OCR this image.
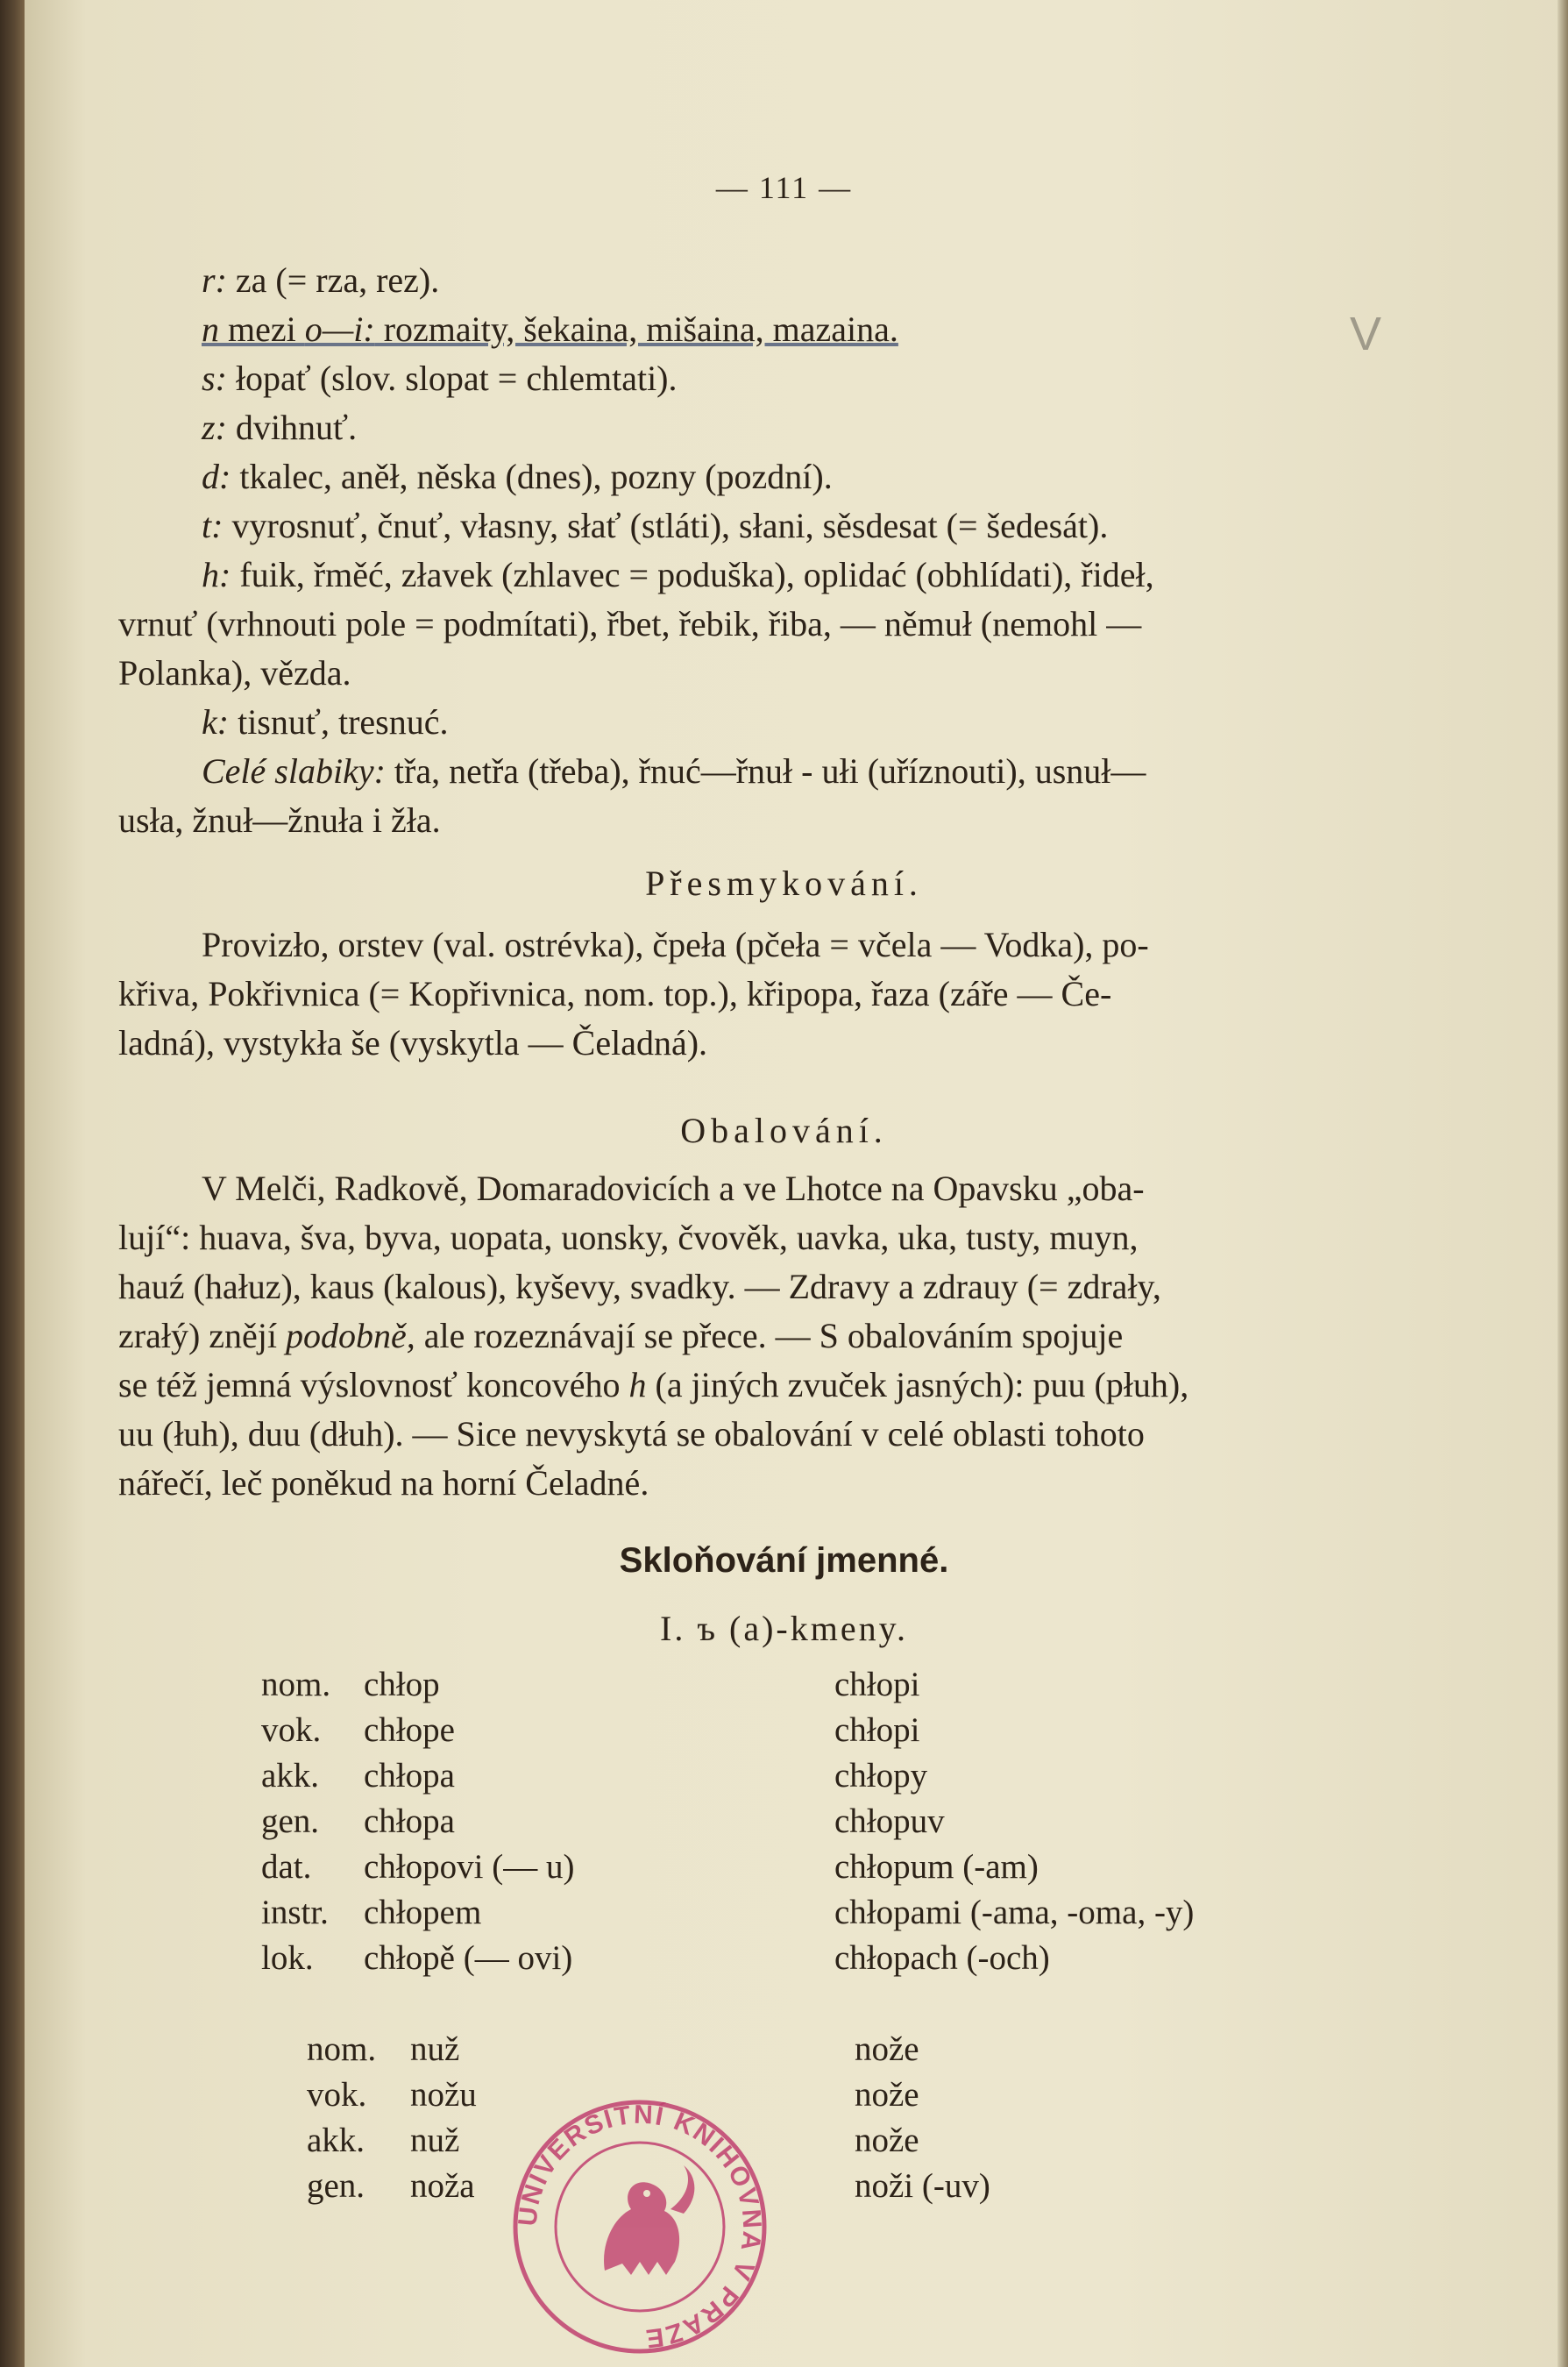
— 111 —
V
r: za (= rza, rez).
n mezi o—i: rozmaity, šekaina, mišaina, mazaina.
s: łopať (slov. slopat = chlemtati).
z: dvihnuť.
d: tkalec, aněł, něska (dnes), pozny (pozdní).
t: vyrosnuť, čnuť, vłasny, słať (stláti), słani, sěsdesat (= šedesát).
h: fuik, řměć, złavek (zhlavec = poduška), oplidać (obhlídati), řideł,
vrnuť (vrhnouti pole = podmítati), řbet, řebik, řiba, — němuł (nemohl —
Polanka), vězda.
k: tisnuť, tresnuć.
Celé slabiky: třa, netřa (třeba), řnuć—řnuł - ułi (uříznouti), usnuł—
usła, žnuł—žnuła i žła.
Přesmykování.
Provizło, orstev (val. ostrévka), čpeła (pčeła = včela — Vodka), po-
křiva, Pokřivnica (= Kopřivnica, nom. top.), křipopa, řaza (záře — Če-
ladná), vystykła še (vyskytla — Čeladná).
Obalování.
V Melči, Radkově, Domaradovicích a ve Lhotce na Opavsku „oba-
lují“: huava, šva, byva, uopata, uonsky, čvověk, uavka, uka, tusty, muyn,
hauź (hałuz), kaus (kalous), kyševy, svadky. — Zdravy a zdrauy (= zdrały,
zrałý) znějí podobně, ale rozeznávají se přece. — S obalováním spojuje
se též jemná výslovnosť koncového h (a jiných zvuček jasných): puu (płuh),
uu (łuh), duu (dłuh). — Sice nevyskytá se obalování v celé oblasti tohoto
nářečí, leč poněkud na horní Čeladné.
Skloňování jmenné.
I. ъ (a)-kmeny.
nom. chłop	chłopi
vok. chłope	chłopi
akk. chłopa	chłopy
gen. chłopa	chłopuv
dat. chłopovi (— u)	chłopum (-am)
instr. chłopem	chłopami (-ama, -oma, -y)
lok. chłopě (— ovi)	chłopach (-och)
nom. nuž	nože
vok. nožu	nože
akk. nuž	nože
gen. noža	noži (-uv)
UNIVERSITNÍ KNIHOVNA V PRAZE
